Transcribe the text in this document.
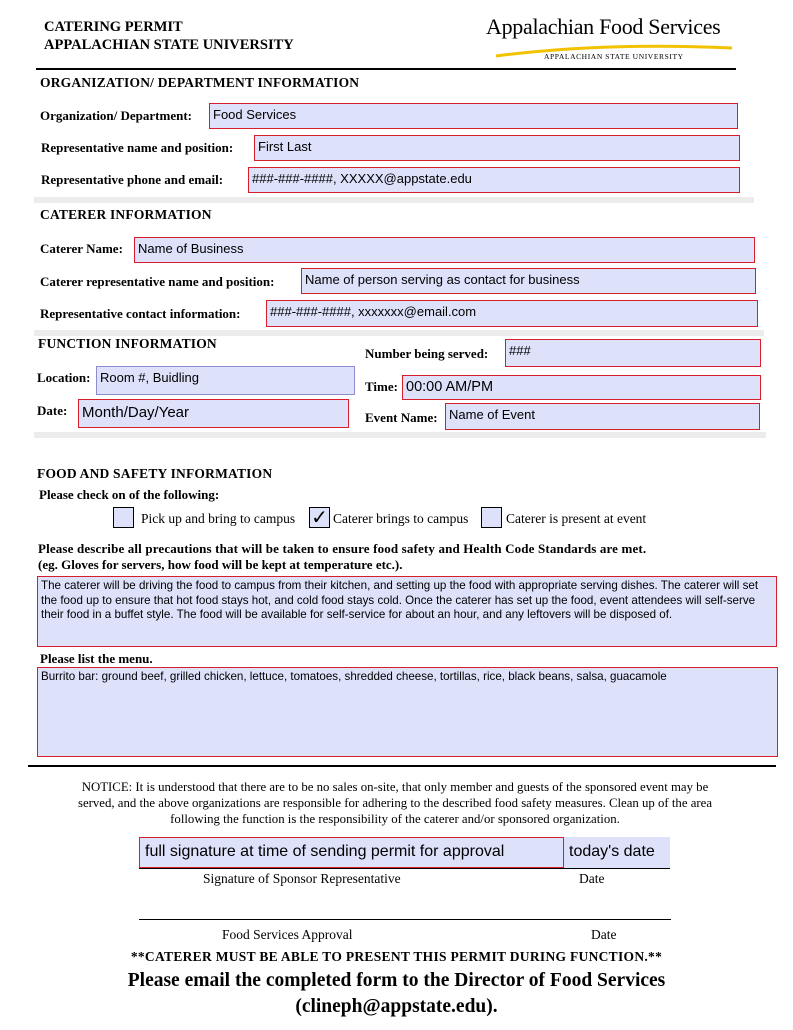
CATERING PERMIT
APPALACHIAN STATE UNIVERSITY
Appalachian Food Services
APPALACHIAN STATE UNIVERSITY
ORGANIZATION/ DEPARTMENT INFORMATION
Organization/ Department:	Food Services
Representative name and position:	First Last
Representative phone and email:	###-###-####, XXXXX@appstate.edu
CATERER INFORMATION
Caterer Name:	Name of Business
Caterer representative name and position:	Name of person serving as contact for business
Representative contact information:	###-###-####, xxxxxxx@email.com
FUNCTION INFORMATION
Number being served:	###
Location: Room #, Buidling
Time: 00:00 AM/PM
Date: Month/Day/Year	Event Name: Name of Event
FOOD AND SAFETY INFORMATION
Please check on of the following:
Pick up and bring to campus ✓ Caterer brings to campus	Caterer is present at event
Please describe all precautions that will be taken to ensure food safety and Health Code Standards are met.
(eg. Gloves for servers, how food will be kept at temperature etc.).
The caterer will be driving the food to campus from their kitchen, and setting up the food with appropriate serving dishes. The caterer will set the food up to ensure that hot food stays hot, and cold food stays cold. Once the caterer has set up the food, event attendees will self-serve their food in a buffet style. The food will be available for self-service for about an hour, and any leftovers will be disposed of.
Please list the menu.
Burrito bar: ground beef, grilled chicken, lettuce, tomatoes, shredded cheese, tortillas, rice, black beans, salsa, guacamole
NOTICE: It is understood that there are to be no sales on-site, that only member and guests of the sponsored event may be
served, and the above organizations are responsible for adhering to the described food safety measures. Clean up of the area
following the function is the responsibility of the caterer and/or sponsored organization.
full signature at time of sending permit for approval	today's date
Signature of Sponsor Representative	Date
Food Services Approval	Date
**CATERER MUST BE ABLE TO PRESENT THIS PERMIT DURING FUNCTION.**
Please email the completed form to the Director of Food Services
(clineph@appstate.edu).
